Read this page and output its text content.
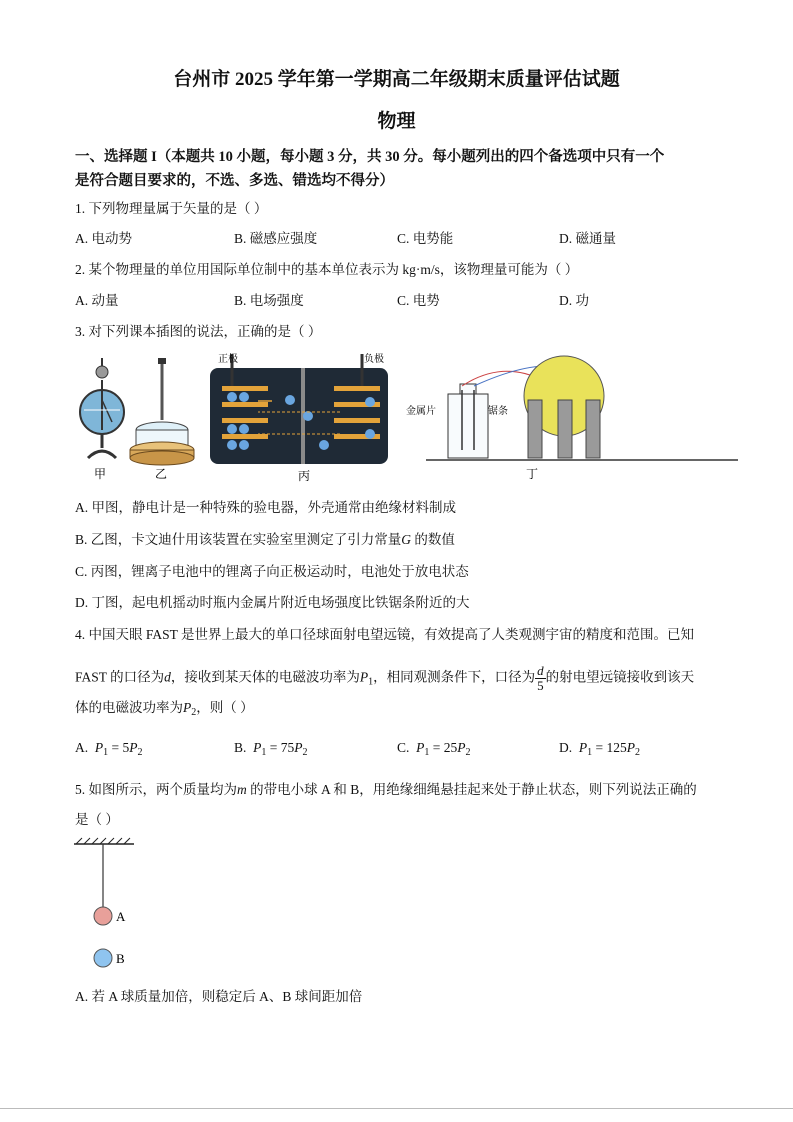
台州市 2025 学年第一学期高二年级期末质量评估试题
物理
一、选择题 I（本题共 10 小题，每小题 3 分，共 30 分。每小题列出的四个备选项中只有一个
是符合题目要求的，不选、多选、错选均不得分）
1. 下列物理量属于矢量的是（ ）
A. 电动势	B. 磁感应强度	C. 电势能	D. 磁通量
2. 某个物理量的单位用国际单位制中的基本单位表示为 kg·m/s，该物理量可能为（ ）
A. 动量	B. 电场强度	C. 电势	D. 功
3. 对下列课本插图的说法，正确的是（ ）
甲	乙
正极	负极
丙
金属片	锯条
丁
A. 甲图，静电计是一种特殊的验电器，外壳通常由绝缘材料制成
B. 乙图，卡文迪什用该装置在实验室里测定了引力常量G 的数值
C. 丙图，锂离子电池中的锂离子向正极运动时，电池处于放电状态
D. 丁图，起电机摇动时瓶内金属片附近电场强度比铁锯条附近的大
4. 中国天眼 FAST 是世界上最大的单口径球面射电望远镜，有效提高了人类观测宇宙的精度和范围。已知
FAST 的口径为d，接收到某天体的电磁波功率为$P_1$，相同观测条件下，口径为 $\frac{d}{5}$ 的射电望远镜接收到该天
体的电磁波功率为$P_2$，则（ ）
A. $P_1 = 5P_2$	B. $P_1 = 75P_2$	C. $P_1 = 25P_2$	D. $P_1 = 125P_2$
5. 如图所示，两个质量均为m 的带电小球 A 和 B，用绝缘细绳悬挂起来处于静止状态，则下列说法正确的
是（ ）
A
B
A. 若 A 球质量加倍，则稳定后 A、B 球间距加倍
